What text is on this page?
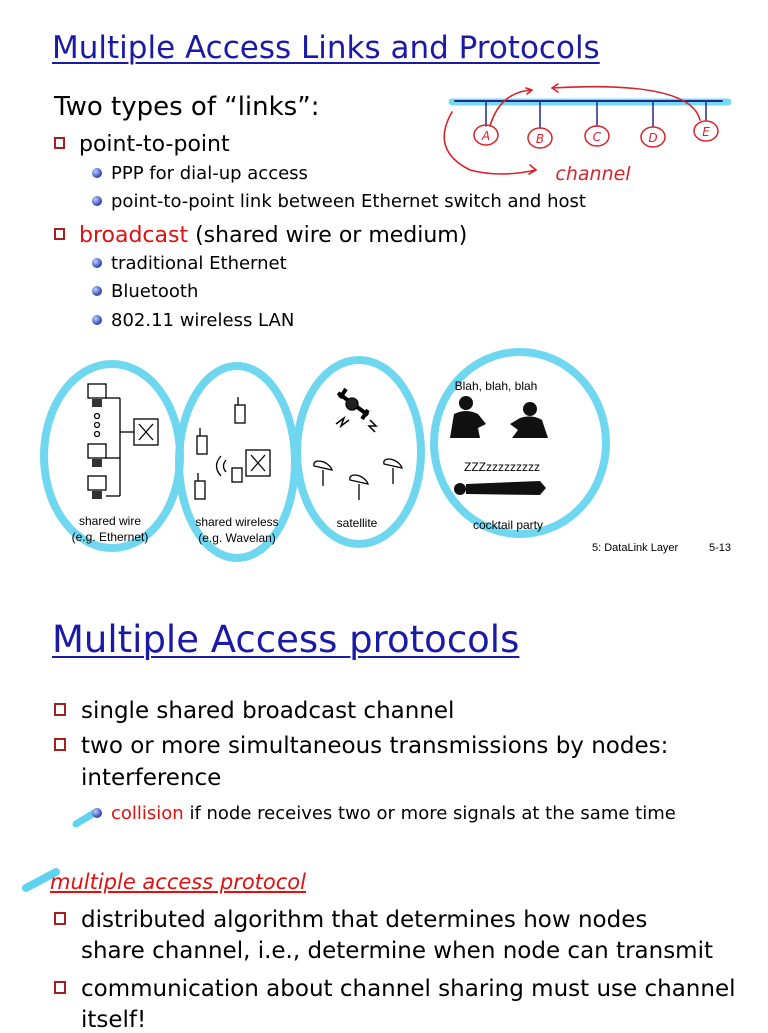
Multiple Access Links and Protocols
Two types of “links”:
point-to-point
PPP for dial-up access
point-to-point link between Ethernet switch and host
broadcast (shared wire or medium)
traditional Ethernet
Bluetooth
802.11 wireless LAN
A	B	C	D	E
channel
shared wire
(e.g. Ethernet)
shared wireless
(e.g. Wavelan)
satellite	cocktail party
Blah, blah, blah
ZZZzzzzzzzzz
5: DataLink Layer	5-13
Multiple Access protocols
single shared broadcast channel
two or more simultaneous transmissions by nodes:
interference
collision if node receives two or more signals at the same time
multiple access protocol
distributed algorithm that determines how nodes
share channel, i.e., determine when node can transmit
communication about channel sharing must use channel
itself!
